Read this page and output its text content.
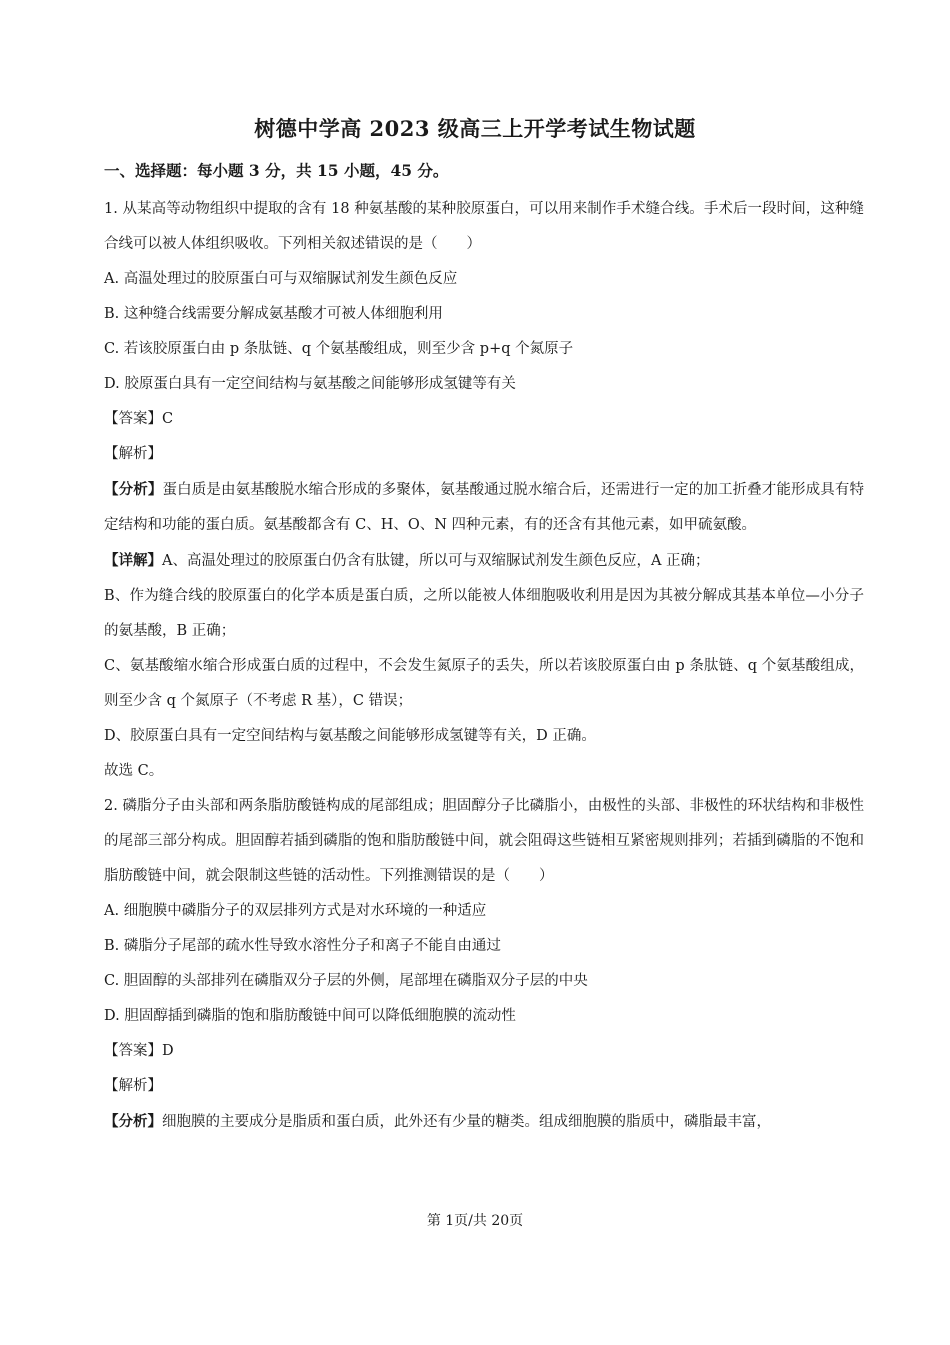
树德中学高 2023 级高三上开学考试生物试题
一、选择题：每小题 3 分，共 15 小题，45 分。

1. 从某高等动物组织中提取的含有 18 种氨基酸的某种胶原蛋白，可以用来制作手术缝合线。手术后一段时间，这种缝合线可以被人体组织吸收。下列相关叙述错误的是（　　）

A. 高温处理过的胶原蛋白可与双缩脲试剂发生颜色反应

B. 这种缝合线需要分解成氨基酸才可被人体细胞利用

C. 若该胶原蛋白由 p 条肽链、q 个氨基酸组成，则至少含 p+q 个氮原子

D. 胶原蛋白具有一定空间结构与氨基酸之间能够形成氢键等有关

【答案】C

【解析】

【分析】蛋白质是由氨基酸脱水缩合形成的多聚体，氨基酸通过脱水缩合后，还需进行一定的加工折叠才能形成具有特定结构和功能的蛋白质。氨基酸都含有 C、H、O、N 四种元素，有的还含有其他元素，如甲硫氨酸。

【详解】A、高温处理过的胶原蛋白仍含有肽键，所以可与双缩脲试剂发生颜色反应，A 正确；

B、作为缝合线的胶原蛋白的化学本质是蛋白质，之所以能被人体细胞吸收利用是因为其被分解成其基本单位—小分子的氨基酸，B 正确；

C、氨基酸缩水缩合形成蛋白质的过程中，不会发生氮原子的丢失，所以若该胶原蛋白由 p 条肽链、q 个氨基酸组成，则至少含 q 个氮原子（不考虑 R 基），C 错误；

D、胶原蛋白具有一定空间结构与氨基酸之间能够形成氢键等有关，D 正确。

故选 C。

2. 磷脂分子由头部和两条脂肪酸链构成的尾部组成；胆固醇分子比磷脂小，由极性的头部、非极性的环状结构和非极性的尾部三部分构成。胆固醇若插到磷脂的饱和脂肪酸链中间，就会阻碍这些链相互紧密规则排列；若插到磷脂的不饱和脂肪酸链中间，就会限制这些链的活动性。下列推测错误的是（　　）

A. 细胞膜中磷脂分子的双层排列方式是对水环境的一种适应

B. 磷脂分子尾部的疏水性导致水溶性分子和离子不能自由通过

C. 胆固醇的头部排列在磷脂双分子层的外侧，尾部埋在磷脂双分子层的中央

D. 胆固醇插到磷脂的饱和脂肪酸链中间可以降低细胞膜的流动性

【答案】D

【解析】

【分析】细胞膜的主要成分是脂质和蛋白质，此外还有少量的糖类。组成细胞膜的脂质中，磷脂最丰富，

第 1页/共 20页
